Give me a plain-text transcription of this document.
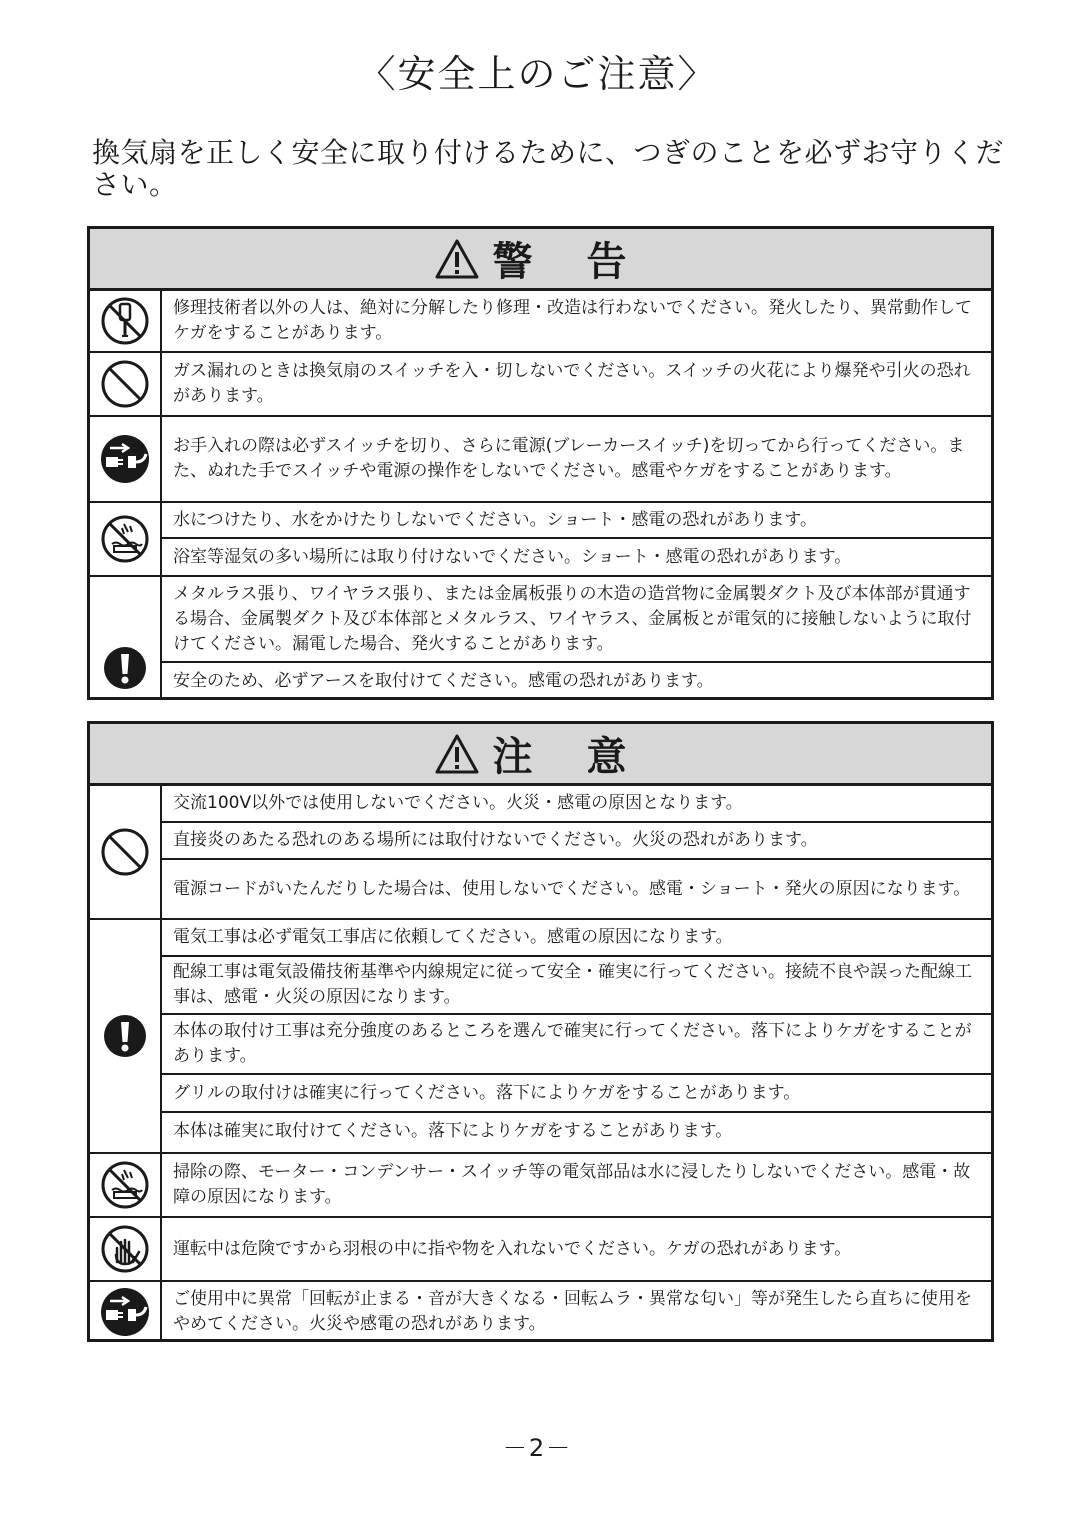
〈安全上のご注意〉
換気扇を正しく安全に取り付けるために、つぎのことを必ずお守りください。
警 告
修理技術者以外の人は、絶対に分解したり修理・改造は行わないでください。発火したり、異常動作してケガをすることがあります。
ガス漏れのときは換気扇のスイッチを入・切しないでください。スイッチの火花により爆発や引火の恐れがあります。
お手入れの際は必ずスイッチを切り、さらに電源(ブレーカースイッチ)を切ってから行ってください。また、ぬれた手でスイッチや電源の操作をしないでください。感電やケガをすることがあります。
水につけたり、水をかけたりしないでください。ショート・感電の恐れがあります。
浴室等湿気の多い場所には取り付けないでください。ショート・感電の恐れがあります。
メタルラス張り、ワイヤラス張り、または金属板張りの木造の造営物に金属製ダクト及び本体部が貫通する場合、金属製ダクト及び本体部とメタルラス、ワイヤラス、金属板とが電気的に接触しないように取付けてください。漏電した場合、発火することがあります。
安全のため、必ずアースを取付けてください。感電の恐れがあります。
注 意
交流100V以外では使用しないでください。火災・感電の原因となります。
直接炎のあたる恐れのある場所には取付けないでください。火災の恐れがあります。
電源コードがいたんだりした場合は、使用しないでください。感電・ショート・発火の原因になります。
電気工事は必ず電気工事店に依頼してください。感電の原因になります。
配線工事は電気設備技術基準や内線規定に従って安全・確実に行ってください。接続不良や誤った配線工事は、感電・火災の原因になります。
本体の取付け工事は充分強度のあるところを選んで確実に行ってください。落下によりケガをすることがあります。
グリルの取付けは確実に行ってください。落下によりケガをすることがあります。
本体は確実に取付けてください。落下によりケガをすることがあります。
掃除の際、モーター・コンデンサー・スイッチ等の電気部品は水に浸したりしないでください。感電・故障の原因になります。
運転中は危険ですから羽根の中に指や物を入れないでください。ケガの恐れがあります。
ご使用中に異常「回転が止まる・音が大きくなる・回転ムラ・異常な匂い」等が発生したら直ちに使用をやめてください。火災や感電の恐れがあります。
－2－
